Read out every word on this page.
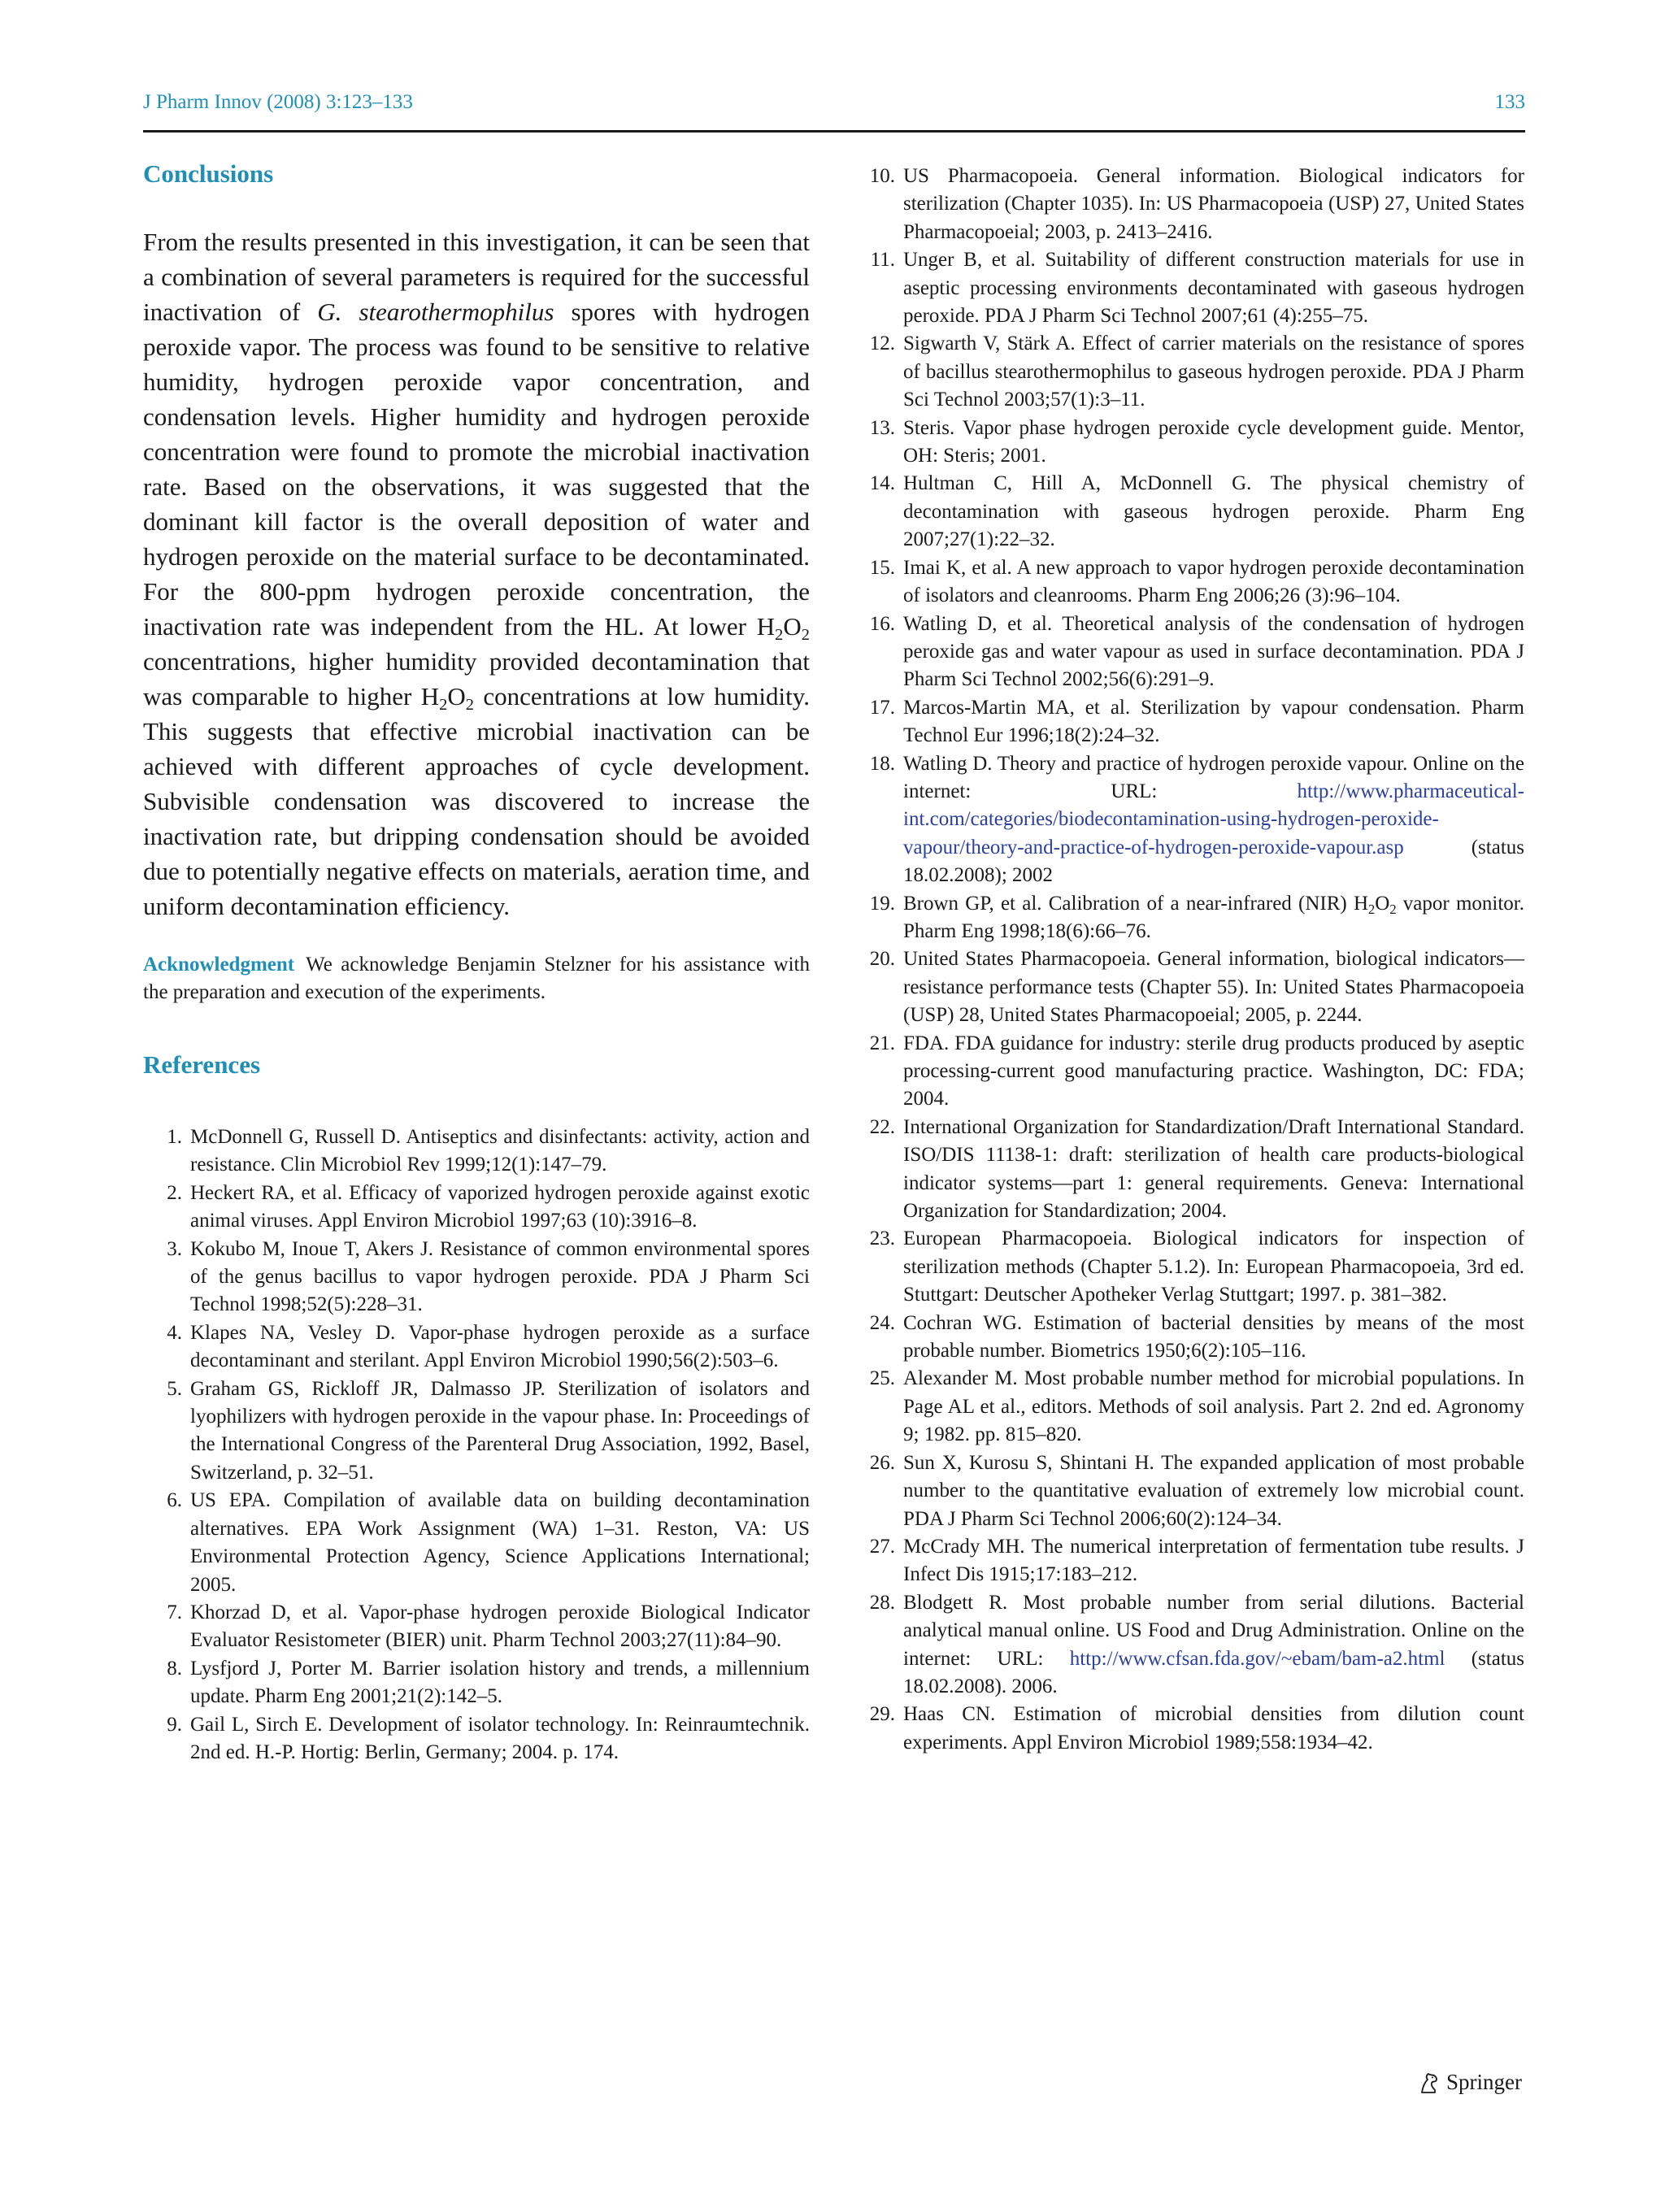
J Pharm Innov (2008) 3:123–133	133
Conclusions

From the results presented in this investigation, it can be seen that a combination of several parameters is required for the successful inactivation of G. stearothermophilus spores with hydrogen peroxide vapor. The process was found to be sensitive to relative humidity, hydrogen peroxide vapor concentration, and condensation levels. Higher humidity and hydrogen peroxide concentration were found to promote the microbial inactivation rate. Based on the observations, it was suggested that the dominant kill factor is the overall deposition of water and hydrogen peroxide on the material surface to be decontaminated. For the 800-ppm hydrogen peroxide concentration, the inactivation rate was independent from the HL. At lower $H_2O_2$ concentrations, higher humidity provided decontamination that was comparable to higher $H_2O_2$ concentrations at low humidity. This suggests that effective microbial inactivation can be achieved with different approaches of cycle development. Subvisible condensation was discovered to increase the inactivation rate, but dripping condensation should be avoided due to potentially negative effects on materials, aeration time, and uniform decontamination efficiency.

Acknowledgment We acknowledge Benjamin Stelzner for his assistance with the preparation and execution of the experiments.

References
1. McDonnell G, Russell D. Antiseptics and disinfectants: activity, action and resistance. Clin Microbiol Rev 1999;12(1):147–79.
2. Heckert RA, et al. Efficacy of vaporized hydrogen peroxide against exotic animal viruses. Appl Environ Microbiol 1997;63 (10):3916–8.
3. Kokubo M, Inoue T, Akers J. Resistance of common environmental spores of the genus bacillus to vapor hydrogen peroxide. PDA J Pharm Sci Technol 1998;52(5):228–31.
4. Klapes NA, Vesley D. Vapor-phase hydrogen peroxide as a surface decontaminant and sterilant. Appl Environ Microbiol 1990;56(2):503–6.
5. Graham GS, Rickloff JR, Dalmasso JP. Sterilization of isolators and lyophilizers with hydrogen peroxide in the vapour phase. In: Proceedings of the International Congress of the Parenteral Drug Association, 1992, Basel, Switzerland, p. 32–51.
6. US EPA. Compilation of available data on building decontamination alternatives. EPA Work Assignment (WA) 1–31. Reston, VA: US Environmental Protection Agency, Science Applications International; 2005.
7. Khorzad D, et al. Vapor-phase hydrogen peroxide Biological Indicator Evaluator Resistometer (BIER) unit. Pharm Technol 2003;27(11):84–90.
8. Lysfjord J, Porter M. Barrier isolation history and trends, a millennium update. Pharm Eng 2001;21(2):142–5.
9. Gail L, Sirch E. Development of isolator technology. In: Reinraumtechnik. 2nd ed. H.-P. Hortig: Berlin, Germany; 2004. p. 174.
10. US Pharmacopoeia. General information. Biological indicators for sterilization (Chapter 1035). In: US Pharmacopoeia (USP) 27, United States Pharmacopoeial; 2003, p. 2413–2416.
11. Unger B, et al. Suitability of different construction materials for use in aseptic processing environments decontaminated with gaseous hydrogen peroxide. PDA J Pharm Sci Technol 2007;61 (4):255–75.
12. Sigwarth V, Stärk A. Effect of carrier materials on the resistance of spores of bacillus stearothermophilus to gaseous hydrogen peroxide. PDA J Pharm Sci Technol 2003;57(1):3–11.
13. Steris. Vapor phase hydrogen peroxide cycle development guide. Mentor, OH: Steris; 2001.
14. Hultman C, Hill A, McDonnell G. The physical chemistry of decontamination with gaseous hydrogen peroxide. Pharm Eng 2007;27(1):22–32.
15. Imai K, et al. A new approach to vapor hydrogen peroxide decontamination of isolators and cleanrooms. Pharm Eng 2006;26 (3):96–104.
16. Watling D, et al. Theoretical analysis of the condensation of hydrogen peroxide gas and water vapour as used in surface decontamination. PDA J Pharm Sci Technol 2002;56(6):291–9.
17. Marcos-Martin MA, et al. Sterilization by vapour condensation. Pharm Technol Eur 1996;18(2):24–32.
18. Watling D. Theory and practice of hydrogen peroxide vapour. Online on the internet: URL: http://www.pharmaceutical-int.com/categories/biodecontamination-using-hydrogen-peroxide-vapour/theory-and-practice-of-hydrogen-peroxide-vapour.asp (status 18.02.2008); 2002
19. Brown GP, et al. Calibration of a near-infrared (NIR) $H_2O_2$ vapor monitor. Pharm Eng 1998;18(6):66–76.
20. United States Pharmacopoeia. General information, biological indicators—resistance performance tests (Chapter 55). In: United States Pharmacopoeia (USP) 28, United States Pharmacopoeial; 2005, p. 2244.
21. FDA. FDA guidance for industry: sterile drug products produced by aseptic processing-current good manufacturing practice. Washington, DC: FDA; 2004.
22. International Organization for Standardization/Draft International Standard. ISO/DIS 11138-1: draft: sterilization of health care products-biological indicator systems—part 1: general requirements. Geneva: International Organization for Standardization; 2004.
23. European Pharmacopoeia. Biological indicators for inspection of sterilization methods (Chapter 5.1.2). In: European Pharmacopoeia, 3rd ed. Stuttgart: Deutscher Apotheker Verlag Stuttgart; 1997. p. 381–382.
24. Cochran WG. Estimation of bacterial densities by means of the most probable number. Biometrics 1950;6(2):105–116.
25. Alexander M. Most probable number method for microbial populations. In Page AL et al., editors. Methods of soil analysis. Part 2. 2nd ed. Agronomy 9; 1982. pp. 815–820.
26. Sun X, Kurosu S, Shintani H. The expanded application of most probable number to the quantitative evaluation of extremely low microbial count. PDA J Pharm Sci Technol 2006;60(2):124–34.
27. McCrady MH. The numerical interpretation of fermentation tube results. J Infect Dis 1915;17:183–212.
28. Blodgett R. Most probable number from serial dilutions. Bacterial analytical manual online. US Food and Drug Administration. Online on the internet: URL: http://www.cfsan.fda.gov/~ebam/bam-a2.html (status 18.02.2008). 2006.
29. Haas CN. Estimation of microbial densities from dilution count experiments. Appl Environ Microbiol 1989;558:1934–42.
Springer
